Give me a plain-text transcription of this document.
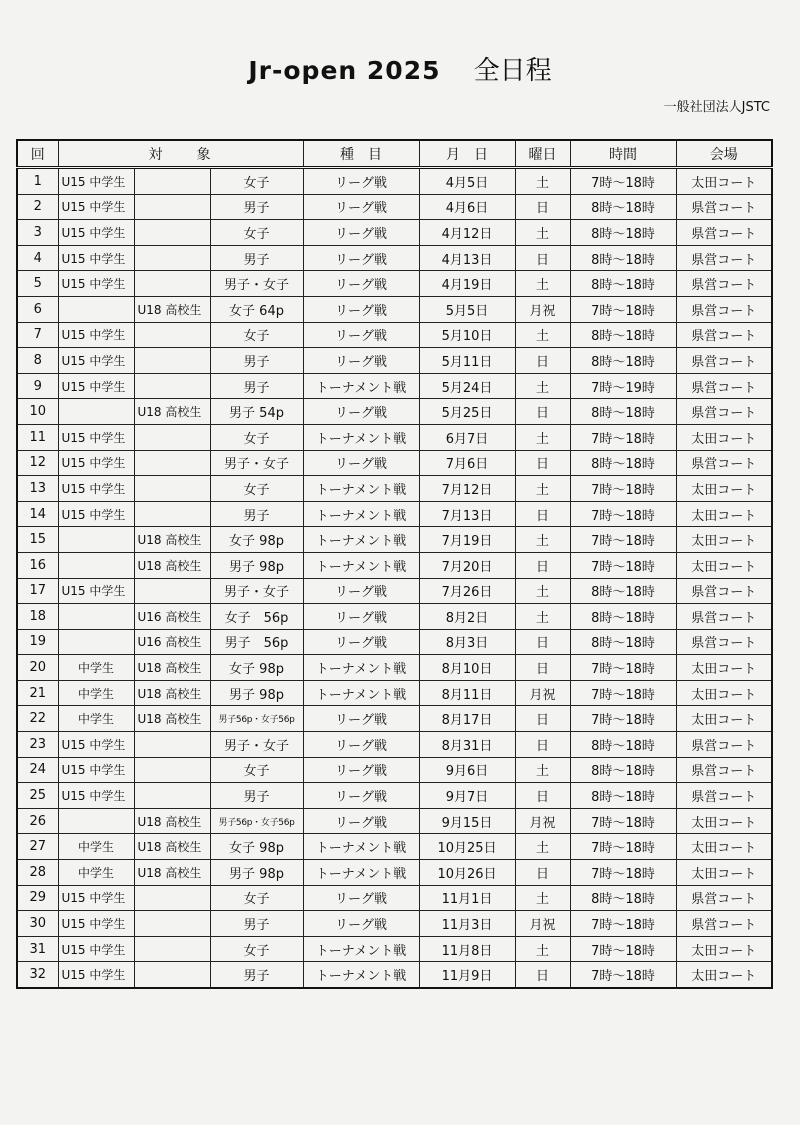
Jr-open 2025 全日程
一般社団法人JSTC
回	対　　象			種　目	月　日	曜日	時間	会場
1	U15 中学生		女子	リーグ戦	4月5日	土	7時〜18時	太田コート
2	U15 中学生		男子	リーグ戦	4月6日	日	8時〜18時	県営コート
3	U15 中学生		女子	リーグ戦	4月12日	土	8時〜18時	県営コート
4	U15 中学生		男子	リーグ戦	4月13日	日	8時〜18時	県営コート
5	U15 中学生		男子・女子	リーグ戦	4月19日	土	8時〜18時	県営コート
6		U18 高校生	女子 64p	リーグ戦	5月5日	月祝	7時〜18時	県営コート
7	U15 中学生		女子	リーグ戦	5月10日	土	8時〜18時	県営コート
8	U15 中学生		男子	リーグ戦	5月11日	日	8時〜18時	県営コート
9	U15 中学生		男子	トーナメント戦	5月24日	土	7時〜19時	県営コート
10		U18 高校生	男子 54p	リーグ戦	5月25日	日	8時〜18時	県営コート
11	U15 中学生		女子	トーナメント戦	6月7日	土	7時〜18時	太田コート
12	U15 中学生		男子・女子	リーグ戦	7月6日	日	8時〜18時	県営コート
13	U15 中学生		女子	トーナメント戦	7月12日	土	7時〜18時	太田コート
14	U15 中学生		男子	トーナメント戦	7月13日	日	7時〜18時	太田コート
15		U18 高校生	女子 98p	トーナメント戦	7月19日	土	7時〜18時	太田コート
16		U18 高校生	男子 98p	トーナメント戦	7月20日	日	7時〜18時	太田コート
17	U15 中学生		男子・女子	リーグ戦	7月26日	土	8時〜18時	県営コート
18		U16 高校生	女子　56p	リーグ戦	8月2日	土	8時〜18時	県営コート
19		U16 高校生	男子　56p	リーグ戦	8月3日	日	8時〜18時	県営コート
20	中学生	U18 高校生	女子 98p	トーナメント戦	8月10日	日	7時〜18時	太田コート
21	中学生	U18 高校生	男子 98p	トーナメント戦	8月11日	月祝	7時〜18時	太田コート
22	中学生	U18 高校生	男子56p・女子56p	リーグ戦	8月17日	日	7時〜18時	太田コート
23	U15 中学生		男子・女子	リーグ戦	8月31日	日	8時〜18時	県営コート
24	U15 中学生		女子	リーグ戦	9月6日	土	8時〜18時	県営コート
25	U15 中学生		男子	リーグ戦	9月7日	日	8時〜18時	県営コート
26		U18 高校生	男子56p・女子56p	リーグ戦	9月15日	月祝	7時〜18時	太田コート
27	中学生	U18 高校生	女子 98p	トーナメント戦	10月25日	土	7時〜18時	太田コート
28	中学生	U18 高校生	男子 98p	トーナメント戦	10月26日	日	7時〜18時	太田コート
29	U15 中学生		女子	リーグ戦	11月1日	土	8時〜18時	県営コート
30	U15 中学生		男子	リーグ戦	11月3日	月祝	7時〜18時	県営コート
31	U15 中学生		女子	トーナメント戦	11月8日	土	7時〜18時	太田コート
32	U15 中学生		男子	トーナメント戦	11月9日	日	7時〜18時	太田コート
